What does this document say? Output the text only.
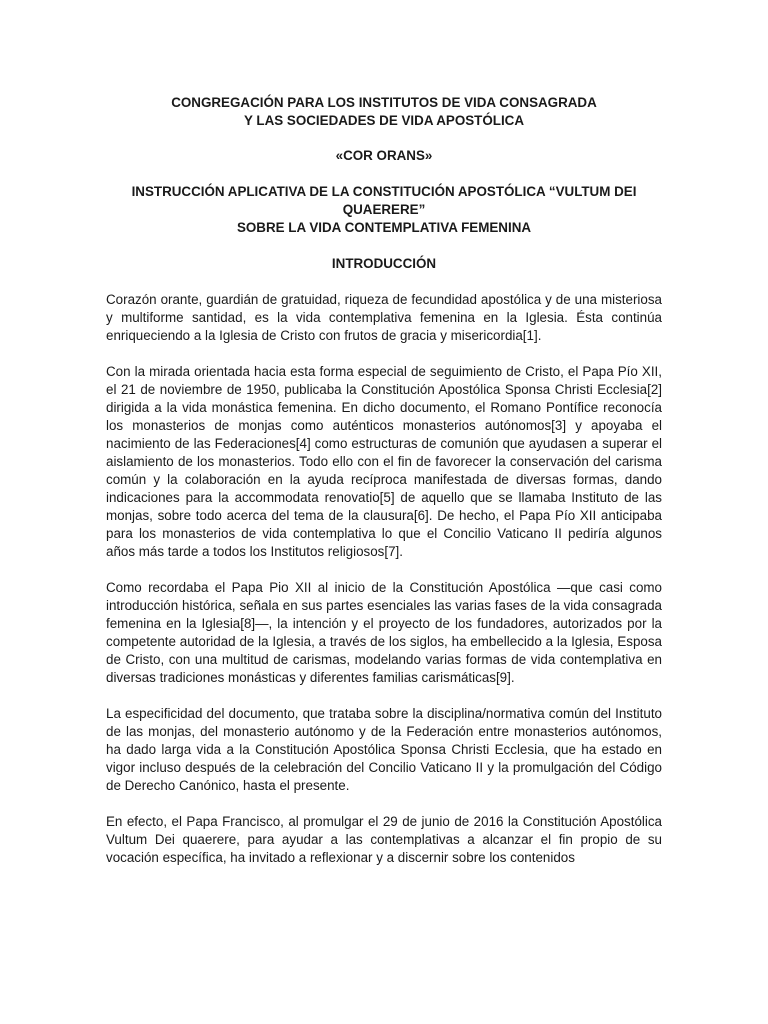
CONGREGACIÓN PARA LOS INSTITUTOS DE VIDA CONSAGRADA
Y LAS SOCIEDADES DE VIDA APOSTÓLICA
«COR ORANS»
INSTRUCCIÓN APLICATIVA DE LA CONSTITUCIÓN APOSTÓLICA “VULTUM DEI QUAERERE”
SOBRE LA VIDA CONTEMPLATIVA FEMENINA
INTRODUCCIÓN

Corazón orante, guardián de gratuidad, riqueza de fecundidad apostólica y de una misteriosa y multiforme santidad, es la vida contemplativa femenina en la Iglesia. Ésta continúa enriqueciendo a la Iglesia de Cristo con frutos de gracia y misericordia[1].

Con la mirada orientada hacia esta forma especial de seguimiento de Cristo, el Papa Pío XII, el 21 de noviembre de 1950, publicaba la Constitución Apostólica Sponsa Christi Ecclesia[2] dirigida a la vida monástica femenina. En dicho documento, el Romano Pontífice reconocía los monasterios de monjas como auténticos monasterios autónomos[3] y apoyaba el nacimiento de las Federaciones[4] como estructuras de comunión que ayudasen a superar el aislamiento de los monasterios. Todo ello con el fin de favorecer la conservación del carisma común y la colaboración en la ayuda recíproca manifestada de diversas formas, dando indicaciones para la accommodata renovatio[5] de aquello que se llamaba Instituto de las monjas, sobre todo acerca del tema de la clausura[6]. De hecho, el Papa Pío XII anticipaba para los monasterios de vida contemplativa lo que el Concilio Vaticano II pediría algunos años más tarde a todos los Institutos religiosos[7].

Como recordaba el Papa Pio XII al inicio de la Constitución Apostólica —que casi como introducción histórica, señala en sus partes esenciales las varias fases de la vida consagrada femenina en la Iglesia[8]—, la intención y el proyecto de los fundadores, autorizados por la competente autoridad de la Iglesia, a través de los siglos, ha embellecido a la Iglesia, Esposa de Cristo, con una multitud de carismas, modelando varias formas de vida contemplativa en diversas tradiciones monásticas y diferentes familias carismáticas[9].

La especificidad del documento, que trataba sobre la disciplina/normativa común del Instituto de las monjas, del monasterio autónomo y de la Federación entre monasterios autónomos, ha dado larga vida a la Constitución Apostólica Sponsa Christi Ecclesia, que ha estado en vigor incluso después de la celebración del Concilio Vaticano II y la promulgación del Código de Derecho Canónico, hasta el presente.

En efecto, el Papa Francisco, al promulgar el 29 de junio de 2016 la Constitución Apostólica Vultum Dei quaerere, para ayudar a las contemplativas a alcanzar el fin propio de su vocación específica, ha invitado a reflexionar y a discernir sobre los contenidos
